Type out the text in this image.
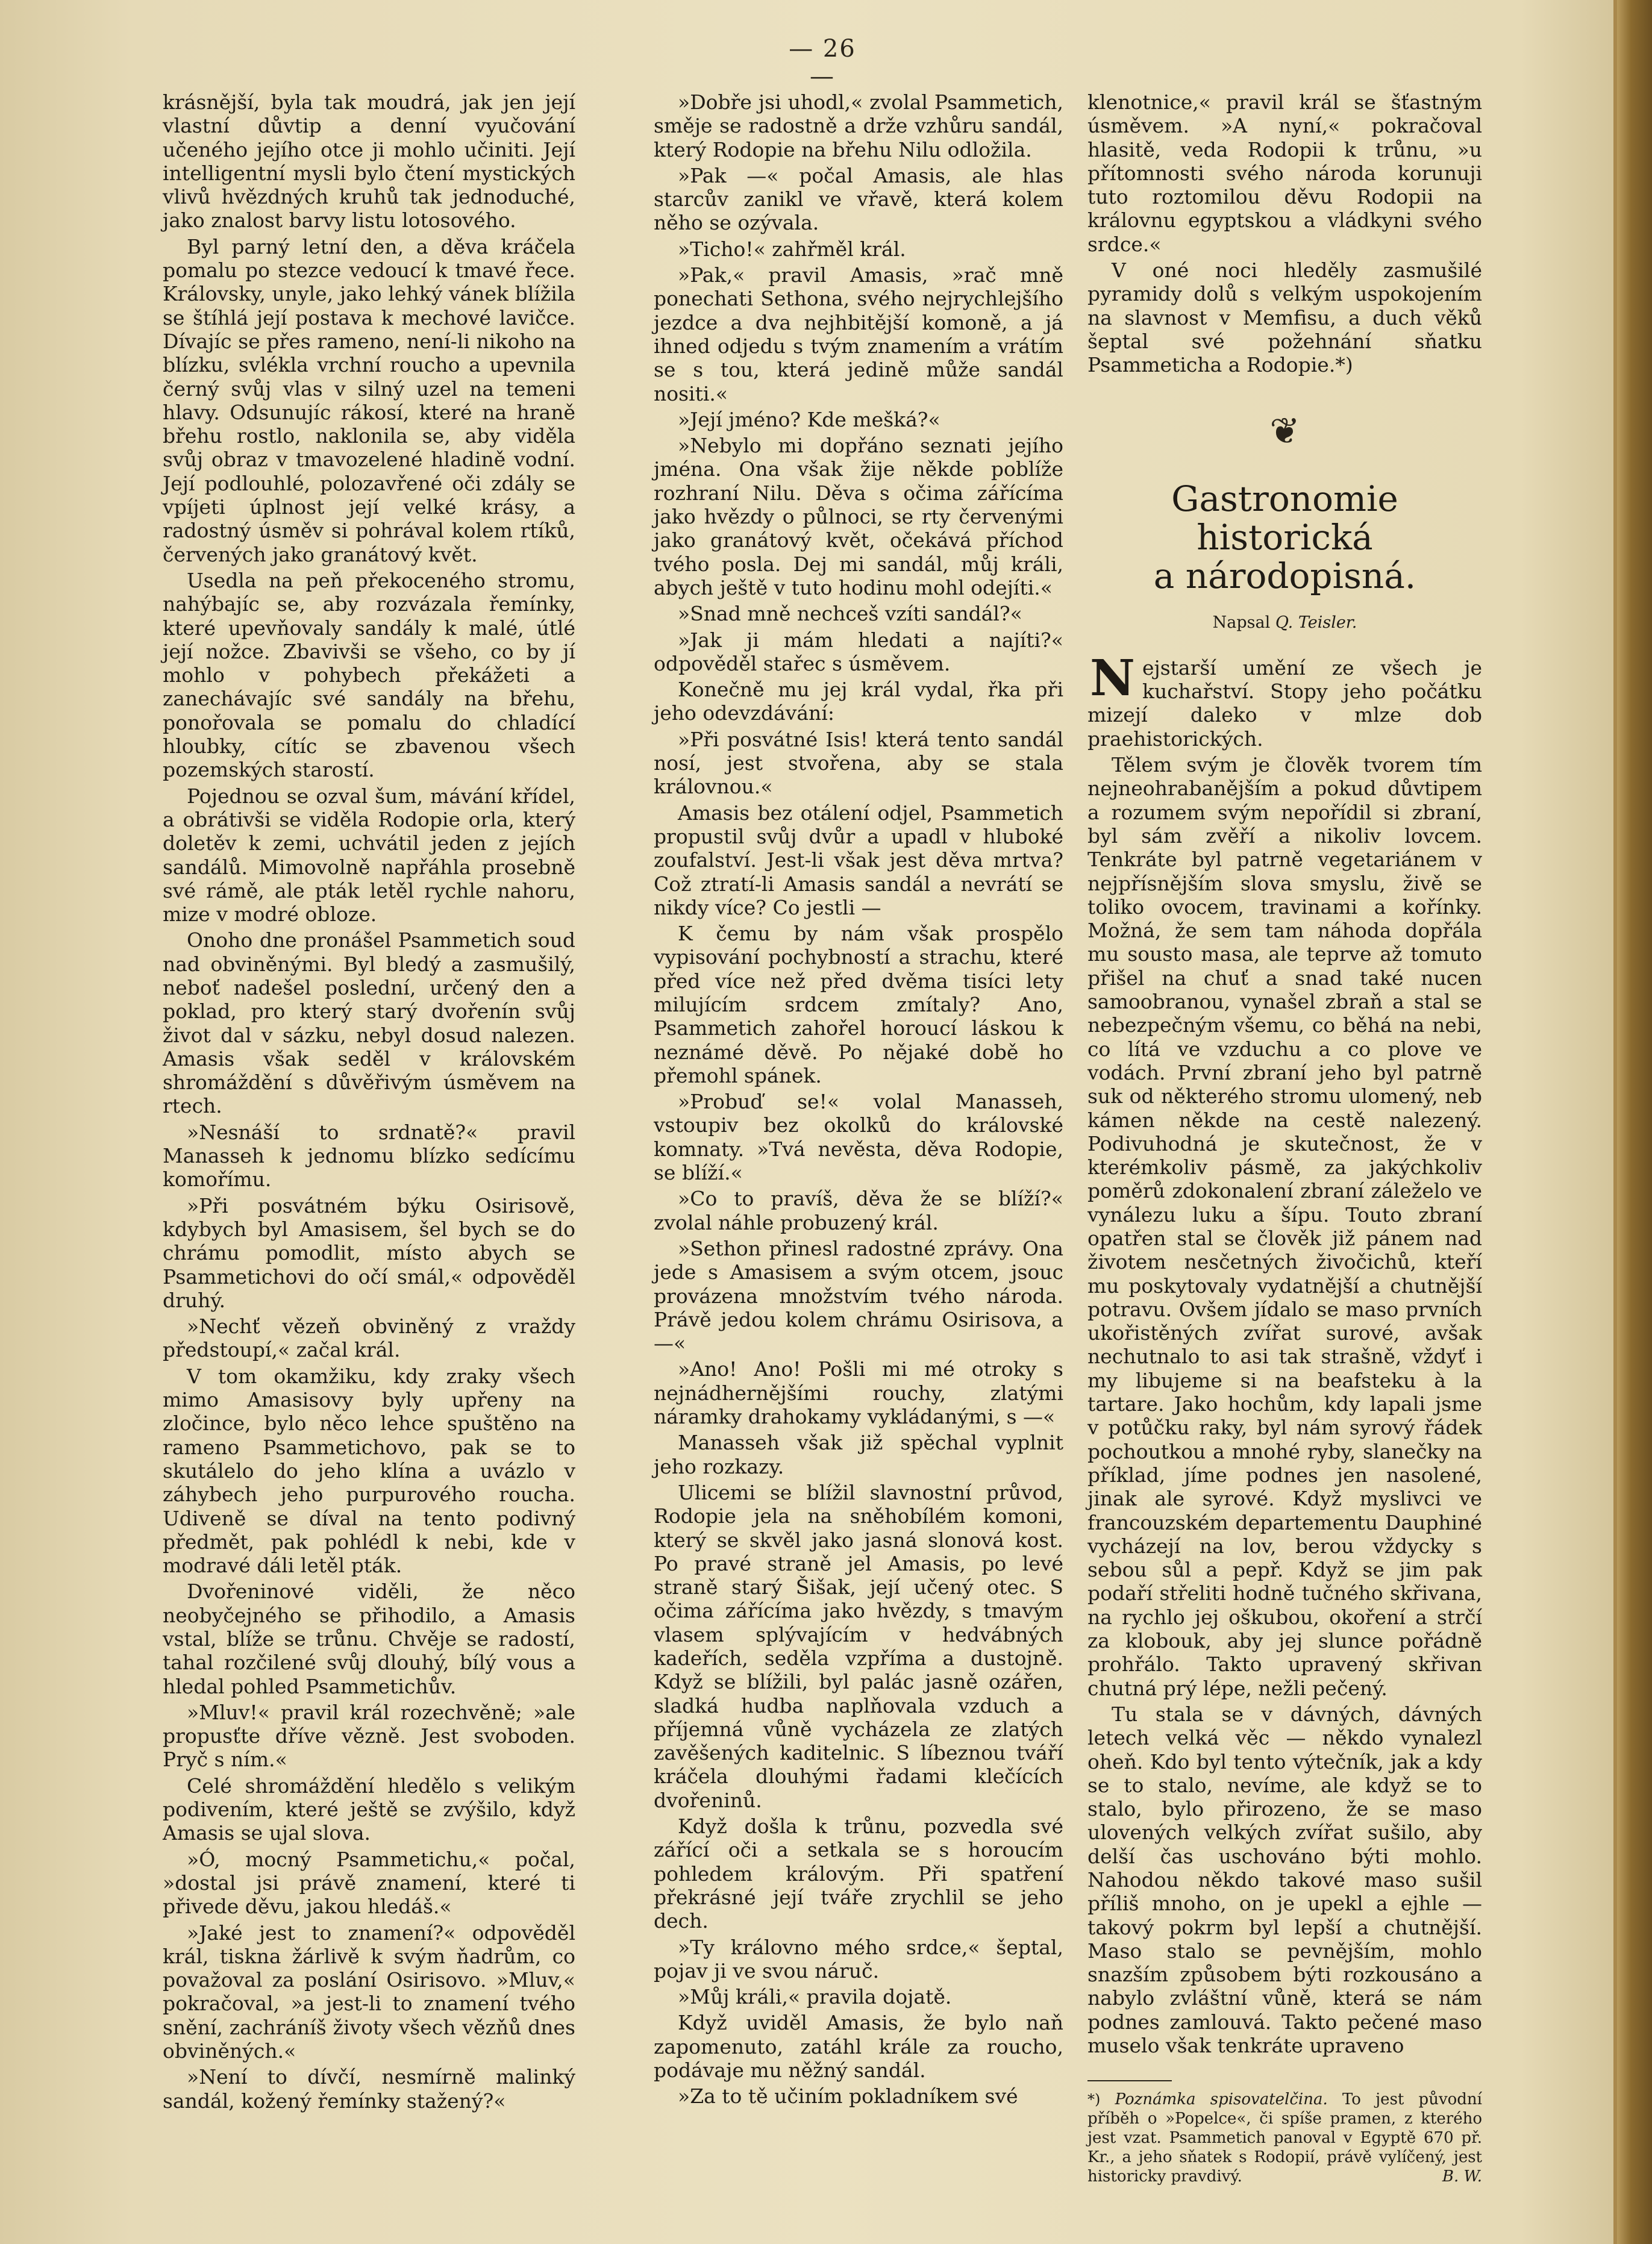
— 26 —

krásnější, byla tak moudrá, jak jen její vlastní důvtip a denní vyučování učeného jejího otce ji mohlo učiniti. Její intelligentní mysli bylo čtení mystických vlivů hvězdných kruhů tak jednoduché, jako znalost barvy listu lotosového.

Byl parný letní den, a děva kráčela pomalu po stezce vedoucí k tmavé řece. Královsky, unyle, jako lehký vánek blížila se štíhlá její postava k mechové lavičce. Dívajíc se přes rameno, není-li nikoho na blízku, svlékla vrchní roucho a upevnila černý svůj vlas v silný uzel na temeni hlavy. Odsunujíc rákosí, které na hraně břehu rostlo, naklonila se, aby viděla svůj obraz v tmavozelené hladině vodní. Její podlouhlé, polozavřené oči zdály se vpíjeti úplnost její velké krásy, a radostný úsměv si pohrával kolem rtíků, červených jako granátový květ.

Usedla na peň překoceného stromu, nahýbajíc se, aby rozvázala řemínky, které upevňovaly sandály k malé, útlé její nožce. Zbavivši se všeho, co by jí mohlo v pohybech překážeti a zanechávajíc své sandály na břehu, ponořovala se pomalu do chladící hloubky, cítíc se zbavenou všech pozemských starostí.

Pojednou se ozval šum, mávání křídel, a obrátivši se viděla Rodopie orla, který doletěv k zemi, uchvátil jeden z jejích sandálů. Mimovolně napřáhla prosebně své rámě, ale pták letěl rychle nahoru, mize v modré obloze.

Onoho dne pronášel Psammetich soud nad obviněnými. Byl bledý a zasmušilý, neboť nadešel poslední, určený den a poklad, pro který starý dvořenín svůj život dal v sázku, nebyl dosud nalezen. Amasis však seděl v královském shromáždění s důvěřivým úsměvem na rtech.

»Nesnáší to srdnatě?« pravil Manasseh k jednomu blízko sedícímu komořímu.

»Při posvátném býku Osirisově, kdybych byl Amasisem, šel bych se do chrámu pomodlit, místo abych se Psammetichovi do očí smál,« odpověděl druhý.

»Nechť vězeň obviněný z vraždy předstoupí,« začal král.

V tom okamžiku, kdy zraky všech mimo Amasisovy byly upřeny na zločince, bylo něco lehce spuštěno na rameno Psammetichovo, pak se to skutálelo do jeho klína a uvázlo v záhybech jeho purpurového roucha. Udiveně se díval na tento podivný předmět, pak pohlédl k nebi, kde v modravé dáli letěl pták.

Dvořeninové viděli, že něco neobyčejného se přihodilo, a Amasis vstal, blíže se trůnu. Chvěje se radostí, tahal rozčilené svůj dlouhý, bílý vous a hledal pohled Psammetichův.

»Mluv!« pravil král rozechvěně; »ale propusťte dříve vězně. Jest svoboden. Pryč s ním.«

Celé shromáždění hledělo s velikým podivením, které ještě se zvýšilo, když Amasis se ujal slova.

»Ó, mocný Psammetichu,« počal, »dostal jsi právě znamení, které ti přivede děvu, jakou hledáš.«

»Jaké jest to znamení?« odpověděl král, tiskna žárlivě k svým ňadrům, co považoval za poslání Osirisovo. »Mluv,« pokračoval, »a jest-li to znamení tvého snění, zachráníš životy všech vězňů dnes obviněných.«

»Není to dívčí, nesmírně malinký sandál, kožený řemínky stažený?«

»Dobře jsi uhodl,« zvolal Psammetich, směje se radostně a drže vzhůru sandál, který Rodopie na břehu Nilu odložila.

»Pak —« počal Amasis, ale hlas starcův zanikl ve vřavě, která kolem něho se ozývala.

»Ticho!« zahřměl král.

»Pak,« pravil Amasis, »rač mně ponechati Sethona, svého nejrychlejšího jezdce a dva nejhbitější komoně, a já ihned odjedu s tvým znamením a vrátím se s tou, která jedině může sandál nositi.«

»Její jméno? Kde mešká?«

»Nebylo mi dopřáno seznati jejího jména. Ona však žije někde poblíže rozhraní Nilu. Děva s očima zářícíma jako hvězdy o půlnoci, se rty červenými jako granátový květ, očekává příchod tvého posla. Dej mi sandál, můj králi, abych ještě v tuto hodinu mohl odejíti.«

»Snad mně nechceš vzíti sandál?«

»Jak ji mám hledati a najíti?« odpověděl stařec s úsměvem.

Konečně mu jej král vydal, řka při jeho odevzdávání:

»Při posvátné Isis! která tento sandál nosí, jest stvořena, aby se stala královnou.«

Amasis bez otálení odjel, Psammetich propustil svůj dvůr a upadl v hluboké zoufalství. Jest-li však jest děva mrtva? Což ztratí-li Amasis sandál a nevrátí se nikdy více? Co jestli —

K čemu by nám však prospělo vypisování pochybností a strachu, které před více než před dvěma tisíci lety milujícím srdcem zmítaly? Ano, Psammetich zahořel horoucí láskou k neznámé děvě. Po nějaké době ho přemohl spánek.

»Probuď se!« volal Manasseh, vstoupiv bez okolků do královské komnaty. »Tvá nevěsta, děva Rodopie, se blíží.«

»Co to pravíš, děva že se blíží?« zvolal náhle probuzený král.

»Sethon přinesl radostné zprávy. Ona jede s Amasisem a svým otcem, jsouc provázena množstvím tvého národa. Právě jedou kolem chrámu Osirisova, a —«

»Ano! Ano! Pošli mi mé otroky s nejnádhernějšími rouchy, zlatými náramky drahokamy vykládanými, s —«

Manasseh však již spěchal vyplnit jeho rozkazy.

Ulicemi se blížil slavnostní průvod, Rodopie jela na sněhobílém komoni, který se skvěl jako jasná slonová kost. Po pravé straně jel Amasis, po levé straně starý Šišak, její učený otec. S očima zářícíma jako hvězdy, s tmavým vlasem splývajícím v hedvábných kadeřích, seděla vzpříma a dustojně. Když se blížili, byl palác jasně ozářen, sladká hudba naplňovala vzduch a příjemná vůně vycházela ze zlatých zavěšených kaditelnic. S líbeznou tváří kráčela dlouhými řadami klečících dvořeninů.

Když došla k trůnu, pozvedla své zářící oči a setkala se s horoucím pohledem královým. Při spatření překrásné její tváře zrychlil se jeho dech.

»Ty královno mého srdce,« šeptal, pojav ji ve svou náruč.

»Můj králi,« pravila dojatě.

Když uviděl Amasis, že bylo naň zapomenuto, zatáhl krále za roucho, podávaje mu něžný sandál.

»Za to tě učiním pokladníkem své

klenotnice,« pravil král se šťastným úsměvem. »A nyní,« pokračoval hlasitě, veda Rodopii k trůnu, »u přítomnosti svého národa korunuji tuto roztomilou děvu Rodopii na královnu egyptskou a vládkyni svého srdce.«

V oné noci hleděly zasmušilé pyramidy dolů s velkým uspokojením na slavnost v Memfisu, a duch věků šeptal své požehnání sňatku Psammeticha a Rodopie.*)

❦
Gastronomie historická
a národopisná.
Napsal Q. Teisler.

Nejstarší umění ze všech je kuchařství. Stopy jeho počátku mizejí daleko v mlze dob praehistorických.

Tělem svým je člověk tvorem tím nejneohrabanějším a pokud důvtipem a rozumem svým nepořídil si zbraní, byl sám zvěří a nikoliv lovcem. Tenkráte byl patrně vegetariánem v nejpřísnějším slova smyslu, živě se toliko ovocem, travinami a kořínky. Možná, že sem tam náhoda dopřála mu sousto masa, ale teprve až tomuto přišel na chuť a snad také nucen samoobranou, vynašel zbraň a stal se nebezpečným všemu, co běhá na nebi, co lítá ve vzduchu a co plove ve vodách. První zbraní jeho byl patrně suk od některého stromu ulomený, neb kámen někde na cestě nalezený. Podivuhodná je skutečnost, že v kterémkoliv pásmě, za jakýchkoliv poměrů zdokonalení zbraní záleželo ve vynálezu luku a šípu. Touto zbraní opatřen stal se člověk již pánem nad životem nesčetných živočichů, kteří mu poskytovaly vydatnější a chutnější potravu. Ovšem jídalo se maso prvních ukořistěných zvířat surové, avšak nechutnalo to asi tak strašně, vždyť i my libujeme si na beafsteku à la tartare. Jako hochům, kdy lapali jsme v potůčku raky, byl nám syrový řádek pochoutkou a mnohé ryby, slanečky na příklad, jíme podnes jen nasolené, jinak ale syrové. Když myslivci ve francouzském departementu Dauphiné vycházejí na lov, berou vždycky s sebou sůl a pepř. Když se jim pak podaří střeliti hodně tučného skřivana, na rychlo jej oškubou, okoření a strčí za klobouk, aby jej slunce pořádně prohřálo. Takto upravený skřivan chutná prý lépe, nežli pečený.

Tu stala se v dávných, dávných letech velká věc — někdo vynalezl oheň. Kdo byl tento výtečník, jak a kdy se to stalo, nevíme, ale když se to stalo, bylo přirozeno, že se maso ulovených velkých zvířat sušilo, aby delší čas uschováno býti mohlo. Nahodou někdo takové maso sušil příliš mnoho, on je upekl a ejhle — takový pokrm byl lepší a chutnější. Maso stalo se pevnějším, mohlo snazším způsobem býti rozkousáno a nabylo zvláštní vůně, která se nám podnes zamlouvá. Takto pečené maso muselo však tenkráte upraveno

*) Poznámka spisovatelčina. To jest původní příběh o »Popelce«, či spíše pramen, z kterého jest vzat. Psammetich panoval v Egyptě 670 př. Kr., a jeho sňatek s Rodopií, právě vylíčený, jest historicky pravdivý.	B. W.
